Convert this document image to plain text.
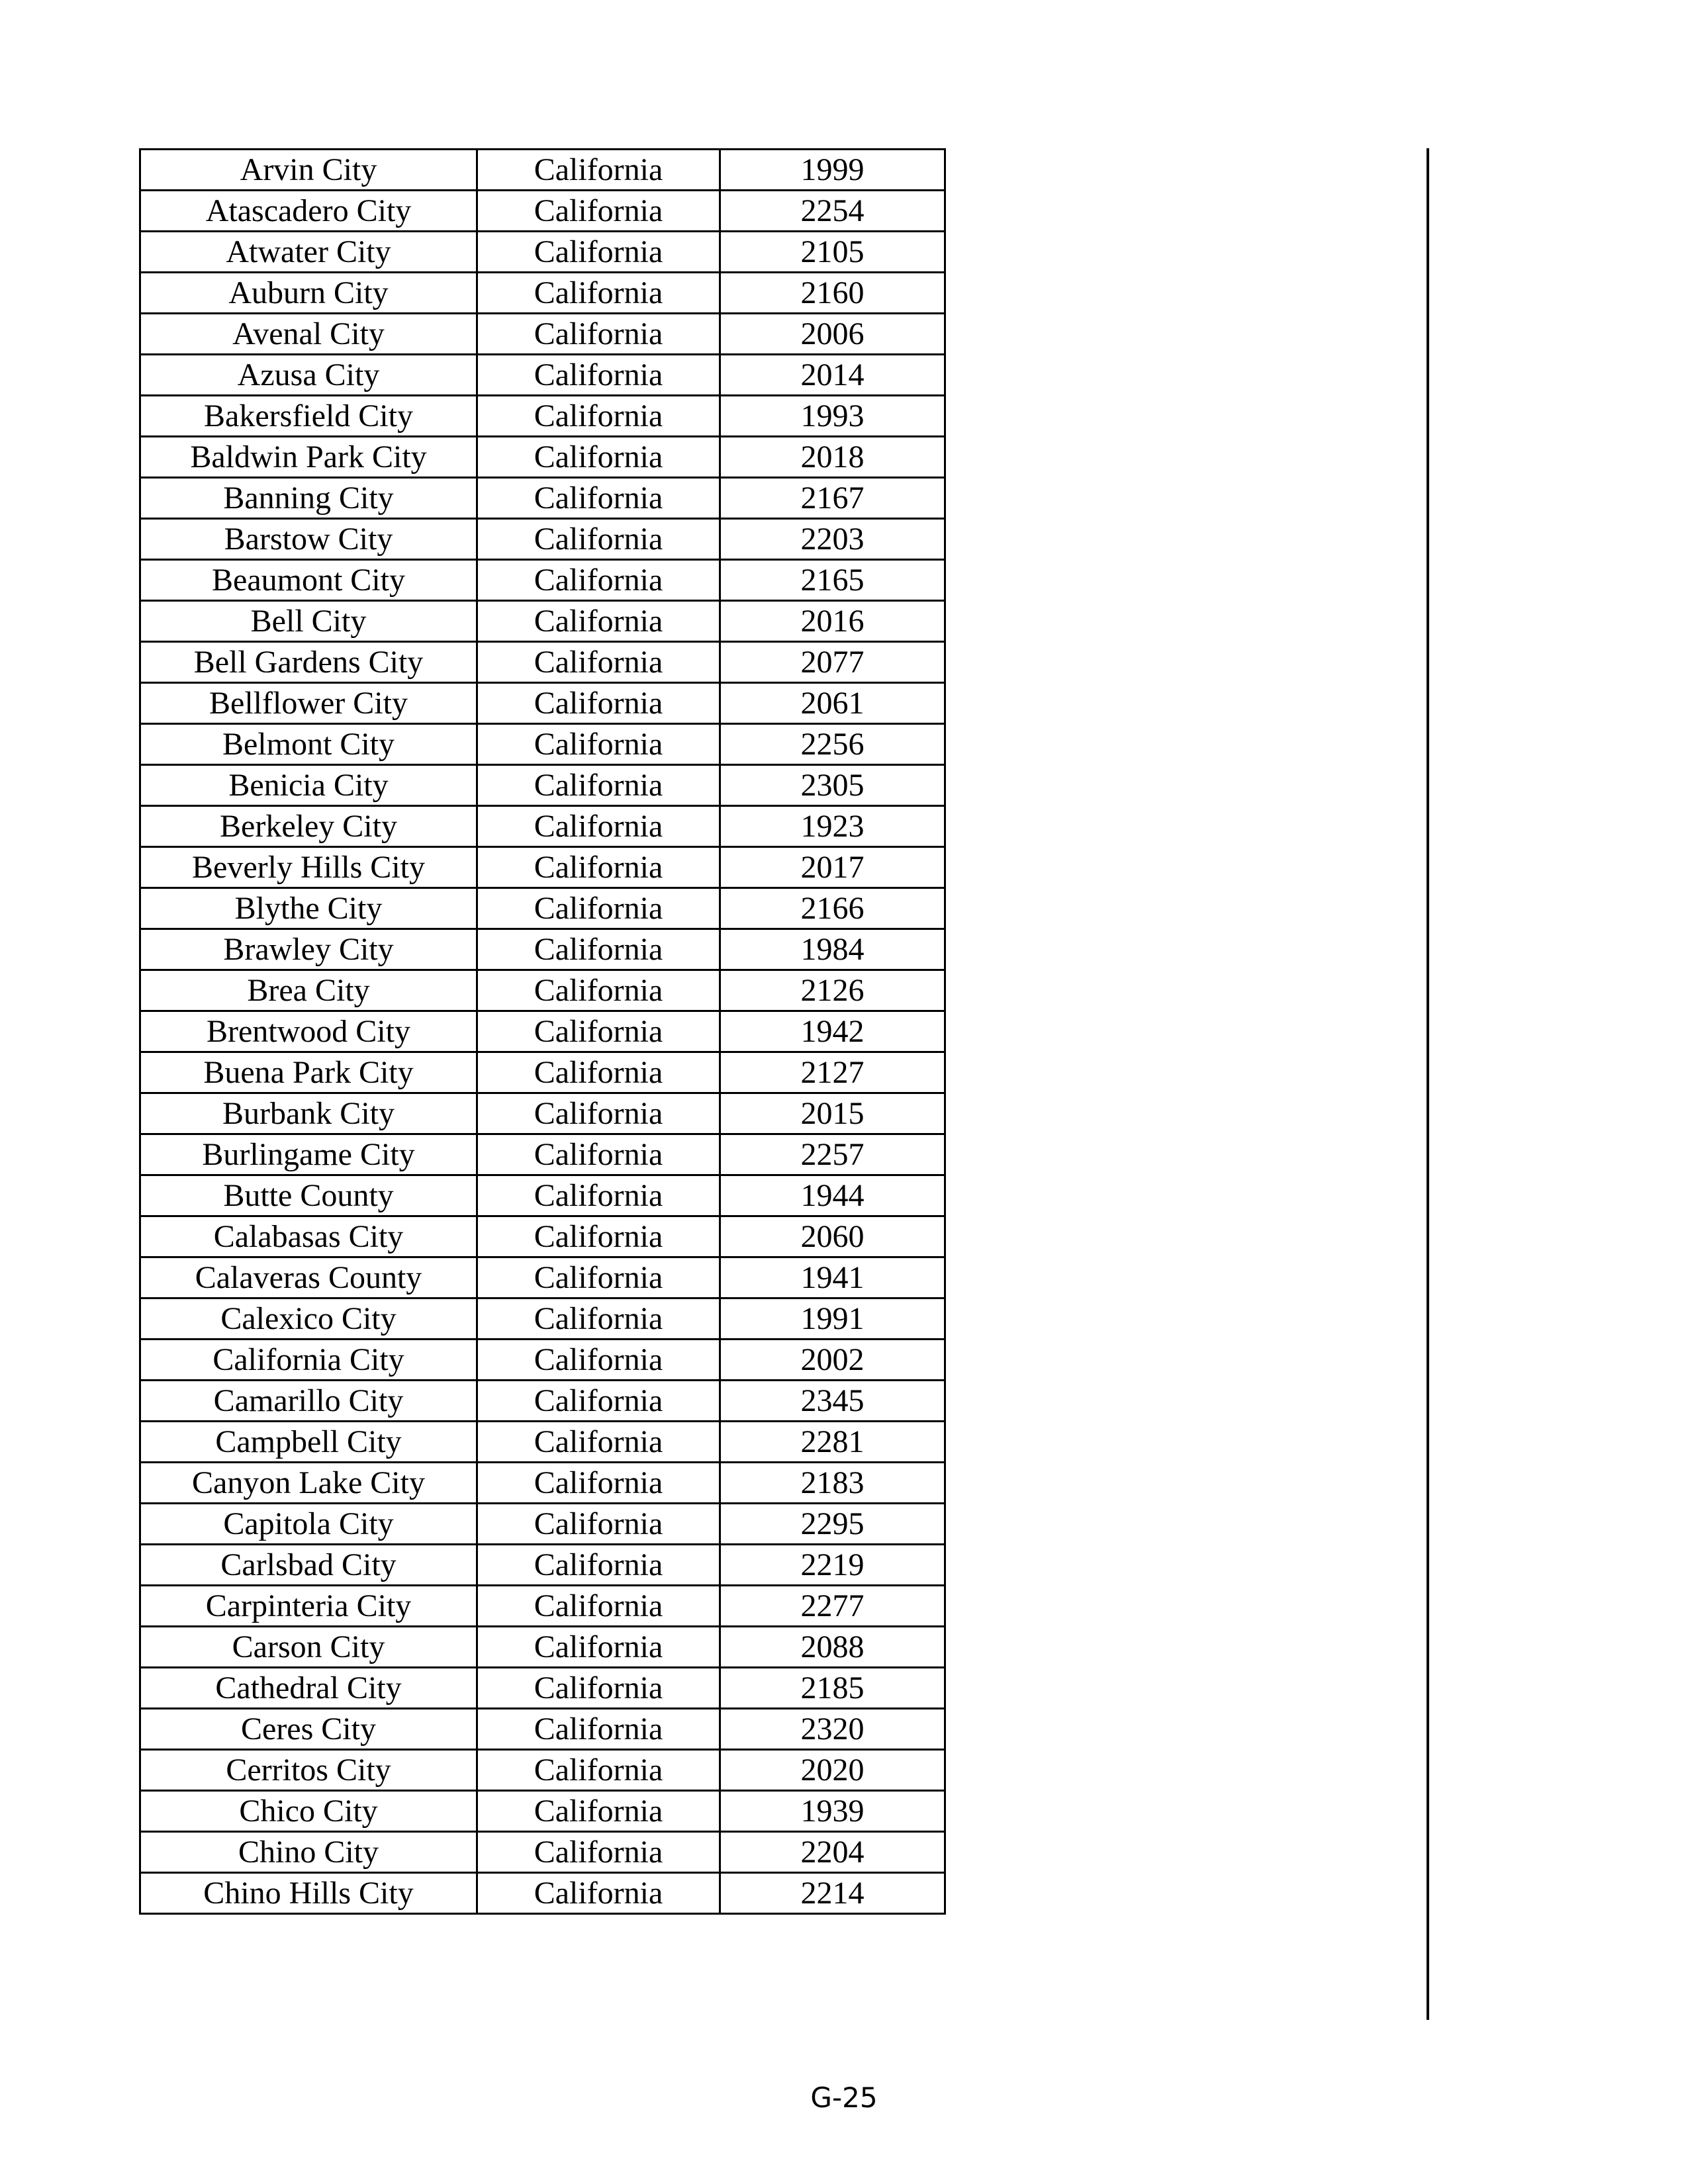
Arvin City	California	1999
Atascadero City	California	2254
Atwater City	California	2105
Auburn City	California	2160
Avenal City	California	2006
Azusa City	California	2014
Bakersfield City	California	1993
Baldwin Park City	California	2018
Banning City	California	2167
Barstow City	California	2203
Beaumont City	California	2165
Bell City	California	2016
Bell Gardens City	California	2077
Bellflower City	California	2061
Belmont City	California	2256
Benicia City	California	2305
Berkeley City	California	1923
Beverly Hills City	California	2017
Blythe City	California	2166
Brawley City	California	1984
Brea City	California	2126
Brentwood City	California	1942
Buena Park City	California	2127
Burbank City	California	2015
Burlingame City	California	2257
Butte County	California	1944
Calabasas City	California	2060
Calaveras County	California	1941
Calexico City	California	1991
California City	California	2002
Camarillo City	California	2345
Campbell City	California	2281
Canyon Lake City	California	2183
Capitola City	California	2295
Carlsbad City	California	2219
Carpinteria City	California	2277
Carson City	California	2088
Cathedral City	California	2185
Ceres City	California	2320
Cerritos City	California	2020
Chico City	California	1939
Chino City	California	2204
Chino Hills City	California	2214
G-25
